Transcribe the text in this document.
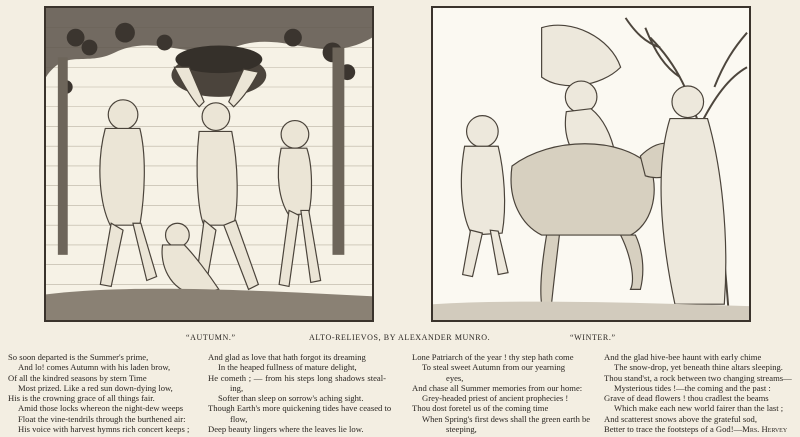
“AUTUMN.”	ALTO-RELIEVOS, BY ALEXANDER MUNRO.	“WINTER.”
So soon departed is the Summer's prime,
And lo! comes Autumn with his laden brow,
Of all the kindred seasons by stern Time
Most prized. Like a red sun down-dying low,
His is the crowning grace of all things fair.
Amid those locks whereon the night-dew weeps
Float the vine-tendrils through the burthened air:
His voice with harvest hymns rich concert keeps ;
And glad as love that hath forgot its dreaming
In the heaped fullness of mature delight,
He cometh ; — from his steps long shadows steal-
ing,
Softer than sleep on sorrow's aching sight.
Though Earth's more quickening tides have ceased to
flow,
Deep beauty lingers where the leaves lie low.
Lone Patriarch of the year ! thy step hath come
To steal sweet Autumn from our yearning
eyes,
And chase all Summer memories from our home:
Grey-headed priest of ancient prophecies !
Thou dost foretel us of the coming time
When Spring's first dews shall the green earth be
steeping,
And the glad hive-bee haunt with early chime
The snow-drop, yet beneath thine altars sleeping.
Thou stand'st, a rock between two changing streams—
Mysterious tides !—the coming and the past :
Grave of dead flowers ! thou cradlest the beams
Which make each new world fairer than the last ;
And scatterest snows above the grateful sod,
Better to trace the footsteps of a God!—Mrs. Hervey
